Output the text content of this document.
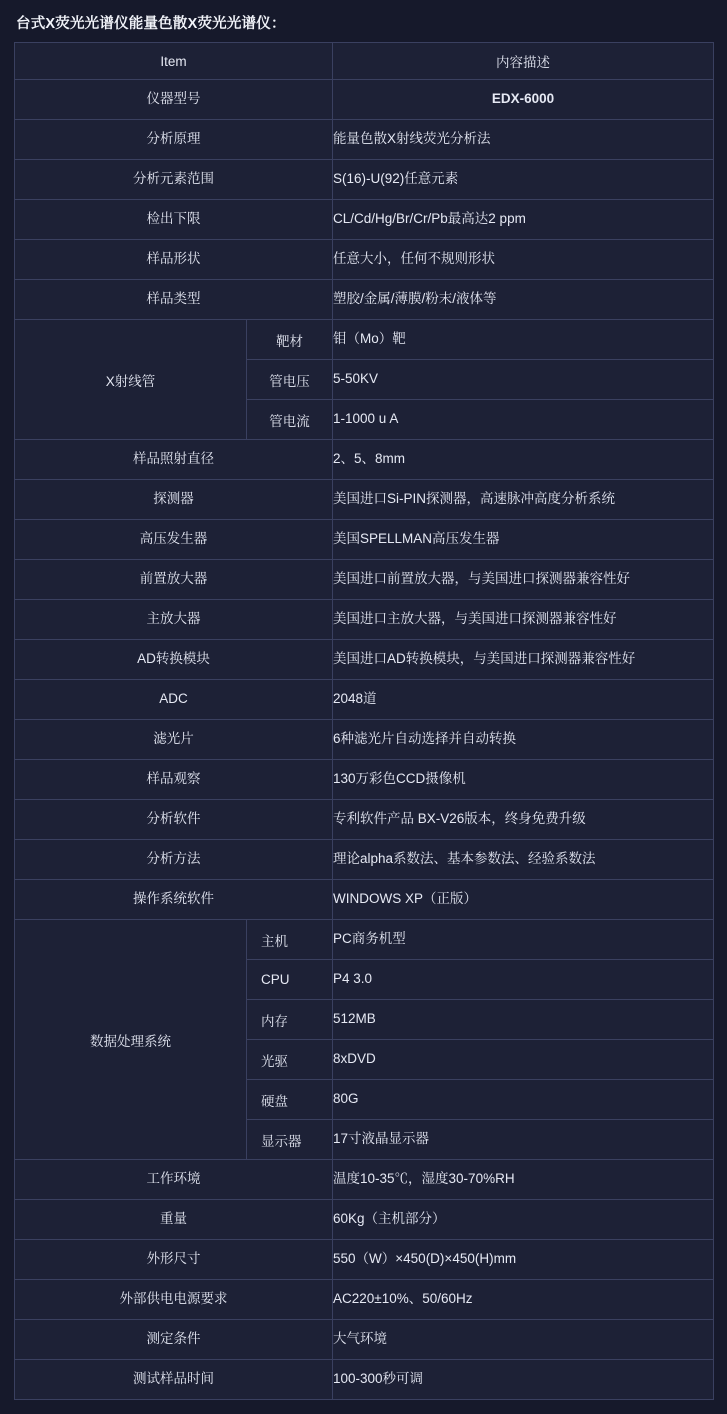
台式X荧光光谱仪能量色散X荧光光谱仪：
Item		内容描述
仪器型号		EDX-6000
分析原理		能量色散X射线荧光分析法
分析元素范围		S(16)-U(92)任意元素
检出下限		CL/Cd/Hg/Br/Cr/Pb最高达2 ppm
样品形状		任意大小，任何不规则形状
样品类型		塑胶/金属/薄膜/粉末/液体等
X射线管	靶材	钼（Mo）靶
	管电压	5-50KV
	管电流	1-1000 u A
样品照射直径		2、5、8mm
探测器		美国进口Si-PIN探测器，高速脉冲高度分析系统
高压发生器		美国SPELLMAN高压发生器
前置放大器		美国进口前置放大器，与美国进口探测器兼容性好
主放大器		美国进口主放大器，与美国进口探测器兼容性好
AD转换模块		美国进口AD转换模块，与美国进口探测器兼容性好
ADC		2048道
滤光片		6种滤光片自动选择并自动转换
样品观察		130万彩色CCD摄像机
分析软件		专利软件产品 BX-V26版本，终身免费升级
分析方法		理论alpha系数法、基本参数法、经验系数法
操作系统软件		WINDOWS XP（正版）
数据处理系统	主机	PC商务机型
	CPU	P4 3.0
	内存	512MB
	光驱	8xDVD
	硬盘	80G
	显示器	17寸液晶显示器
工作环境		温度10-35℃，湿度30-70%RH
重量		60Kg（主机部分）
外形尺寸		550（W）×450(D)×450(H)mm
外部供电电源要求		AC220±10%、50/60Hz
测定条件		大气环境
测试样品时间		100-300秒可调
